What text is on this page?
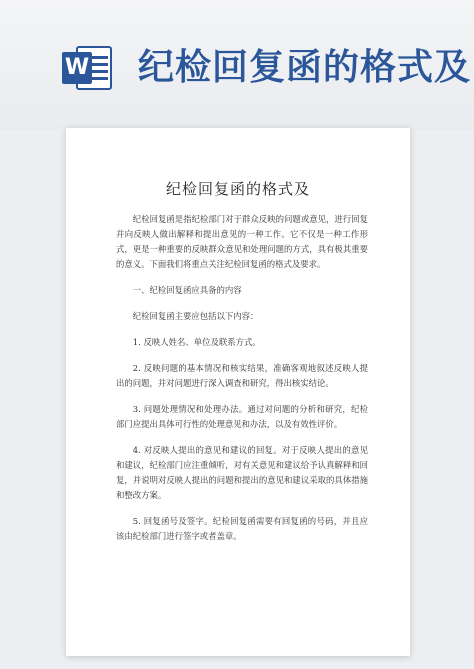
W 纪检回复函的格式及
纪检回复函的格式及

纪检回复函是指纪检部门对于群众反映的问题或意见，进行回复并向反映人做出解释和提出意见的一种工作。它不仅是一种工作形式，更是一种重要的反映群众意见和处理问题的方式，具有极其重要的意义。下面我们将重点关注纪检回复函的格式及要求。

一、纪检回复函应具备的内容

纪检回复函主要应包括以下内容：

1. 反映人姓名、单位及联系方式。

2. 反映问题的基本情况和核实结果，准确客观地叙述反映人提出的问题，并对问题进行深入调查和研究，得出核实结论。

3. 问题处理情况和处理办法。通过对问题的分析和研究，纪检部门应提出具体可行性的处理意见和办法，以及有效性评价。

4. 对反映人提出的意见和建议的回复。对于反映人提出的意见和建议，纪检部门应注重倾听，对有关意见和建议给予认真解释和回复，并说明对反映人提出的问题和提出的意见和建议采取的具体措施和整改方案。

5. 回复函号及签字。纪检回复函需要有回复函的号码，并且应该由纪检部门进行签字或者盖章。
